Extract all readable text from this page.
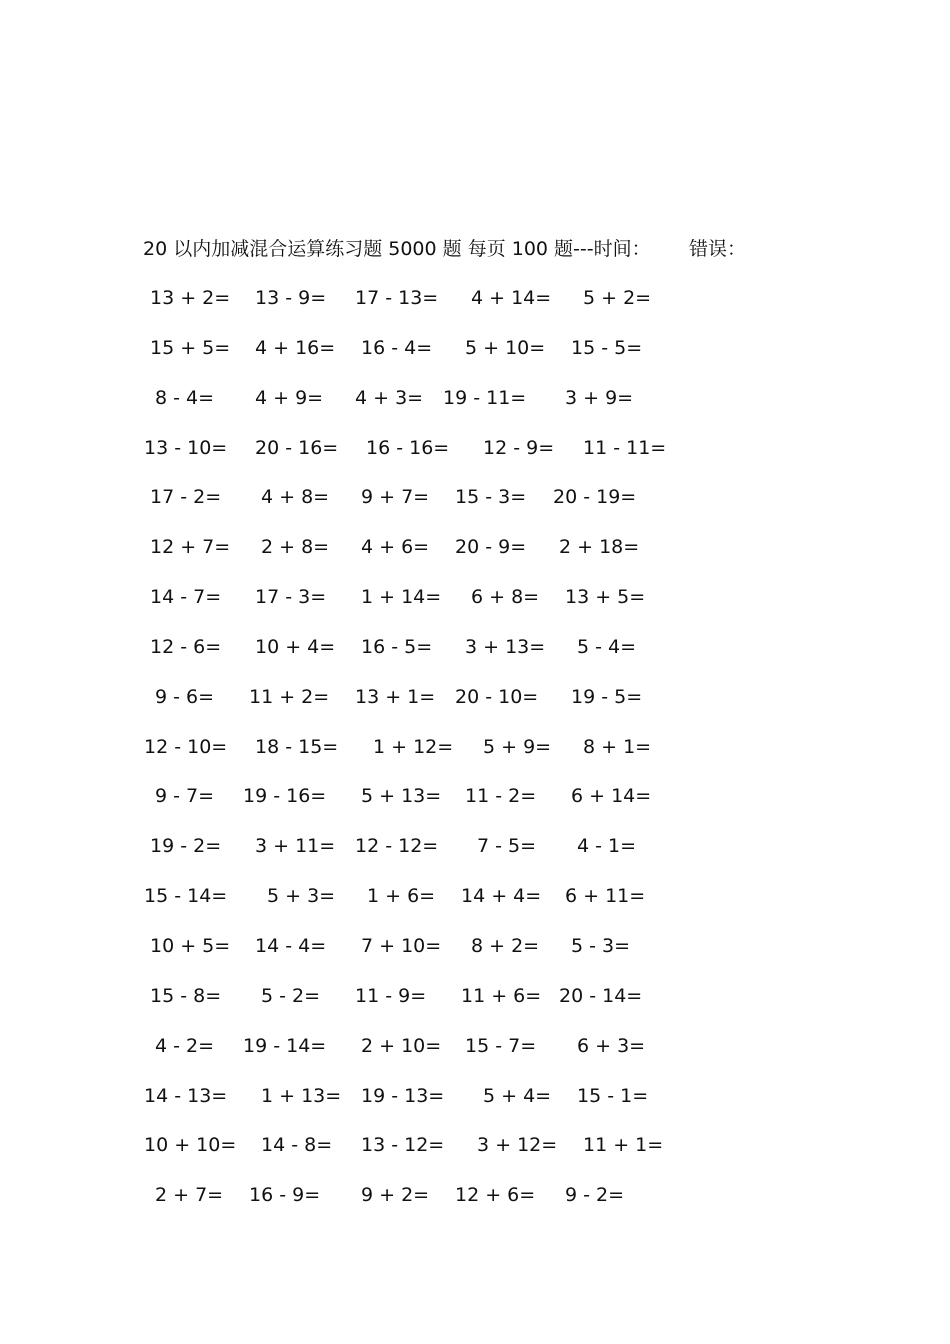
20 以内加减混合运算练习题 5000 题 每页 100 题---时间： 错误：
13 + 2= 13 - 9= 17 - 13= 4 + 14= 5 + 2=
15 + 5= 4 + 16= 16 - 4= 5 + 10= 15 - 5=
8 - 4= 4 + 9= 4 + 3= 19 - 11= 3 + 9=
13 - 10= 20 - 16= 16 - 16= 12 - 9= 11 - 11=
17 - 2= 4 + 8= 9 + 7= 15 - 3= 20 - 19=
12 + 7= 2 + 8= 4 + 6= 20 - 9= 2 + 18=
14 - 7= 17 - 3= 1 + 14= 6 + 8= 13 + 5=
12 - 6= 10 + 4= 16 - 5= 3 + 13= 5 - 4=
9 - 6= 11 + 2= 13 + 1= 20 - 10= 19 - 5=
12 - 10= 18 - 15= 1 + 12= 5 + 9= 8 + 1=
9 - 7= 19 - 16= 5 + 13= 11 - 2= 6 + 14=
19 - 2= 3 + 11= 12 - 12= 7 - 5= 4 - 1=
15 - 14= 5 + 3= 1 + 6= 14 + 4= 6 + 11=
10 + 5= 14 - 4= 7 + 10= 8 + 2= 5 - 3=
15 - 8= 5 - 2= 11 - 9= 11 + 6= 20 - 14=
4 - 2= 19 - 14= 2 + 10= 15 - 7= 6 + 3=
14 - 13= 1 + 13= 19 - 13= 5 + 4= 15 - 1=
10 + 10= 14 - 8= 13 - 12= 3 + 12= 11 + 1=
2 + 7= 16 - 9= 9 + 2= 12 + 6= 9 - 2=
